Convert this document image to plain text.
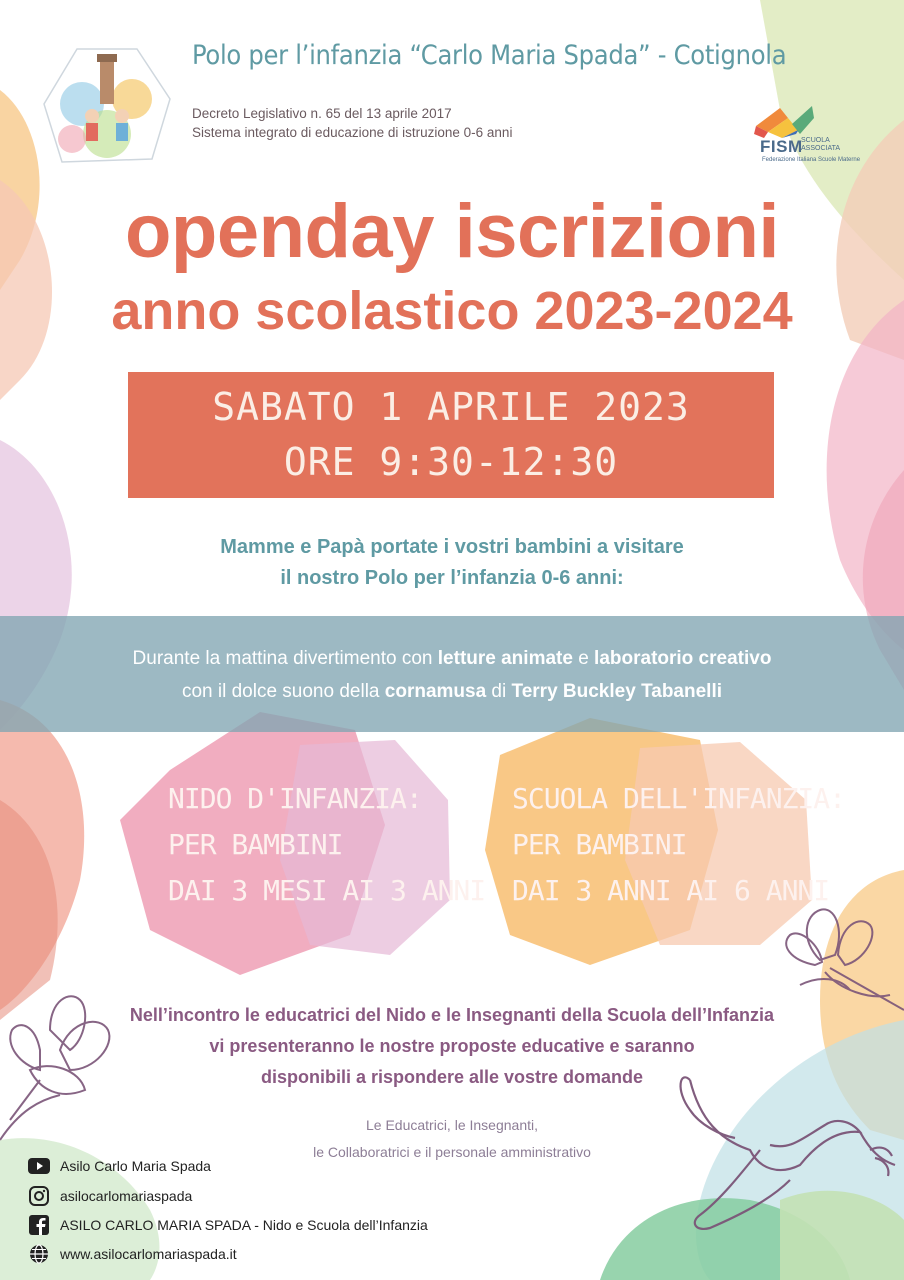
Polo per l’infanzia “Carlo Maria Spada” - Cotignola
Decreto Legislativo n. 65 del 13 aprile 2017
Sistema integrato di educazione di istruzione 0-6 anni
FISM
SCUOLA
ASSOCIATA
Federazione Italiana Scuole Materne
openday iscrizioni
anno scolastico 2023-2024
SABATO 1 APRILE 2023
ORE 9:30-12:30
Mamme e Papà portate i vostri bambini a visitare
il nostro Polo per l’infanzia 0-6 anni:
Durante la mattina divertimento con letture animate e laboratorio creativo
con il dolce suono della cornamusa di Terry Buckley Tabanelli
NIDO D'INFANZIA:
PER BAMBINI
DAI 3 MESI AI 3 ANNI
SCUOLA DELL'INFANZIA:
PER BAMBINI
DAI 3 ANNI AI 6 ANNI
Nell’incontro le educatrici del Nido e le Insegnanti della Scuola dell’Infanzia
vi presenteranno le nostre proposte educative e saranno
disponibili a rispondere alle vostre domande
Le Educatrici, le Insegnanti,
le Collaboratrici e il personale amministrativo
Asilo Carlo Maria Spada
asilocarlomariaspada
ASILO CARLO MARIA SPADA - Nido e Scuola dell’Infanzia
www.asilocarlomariaspada.it
